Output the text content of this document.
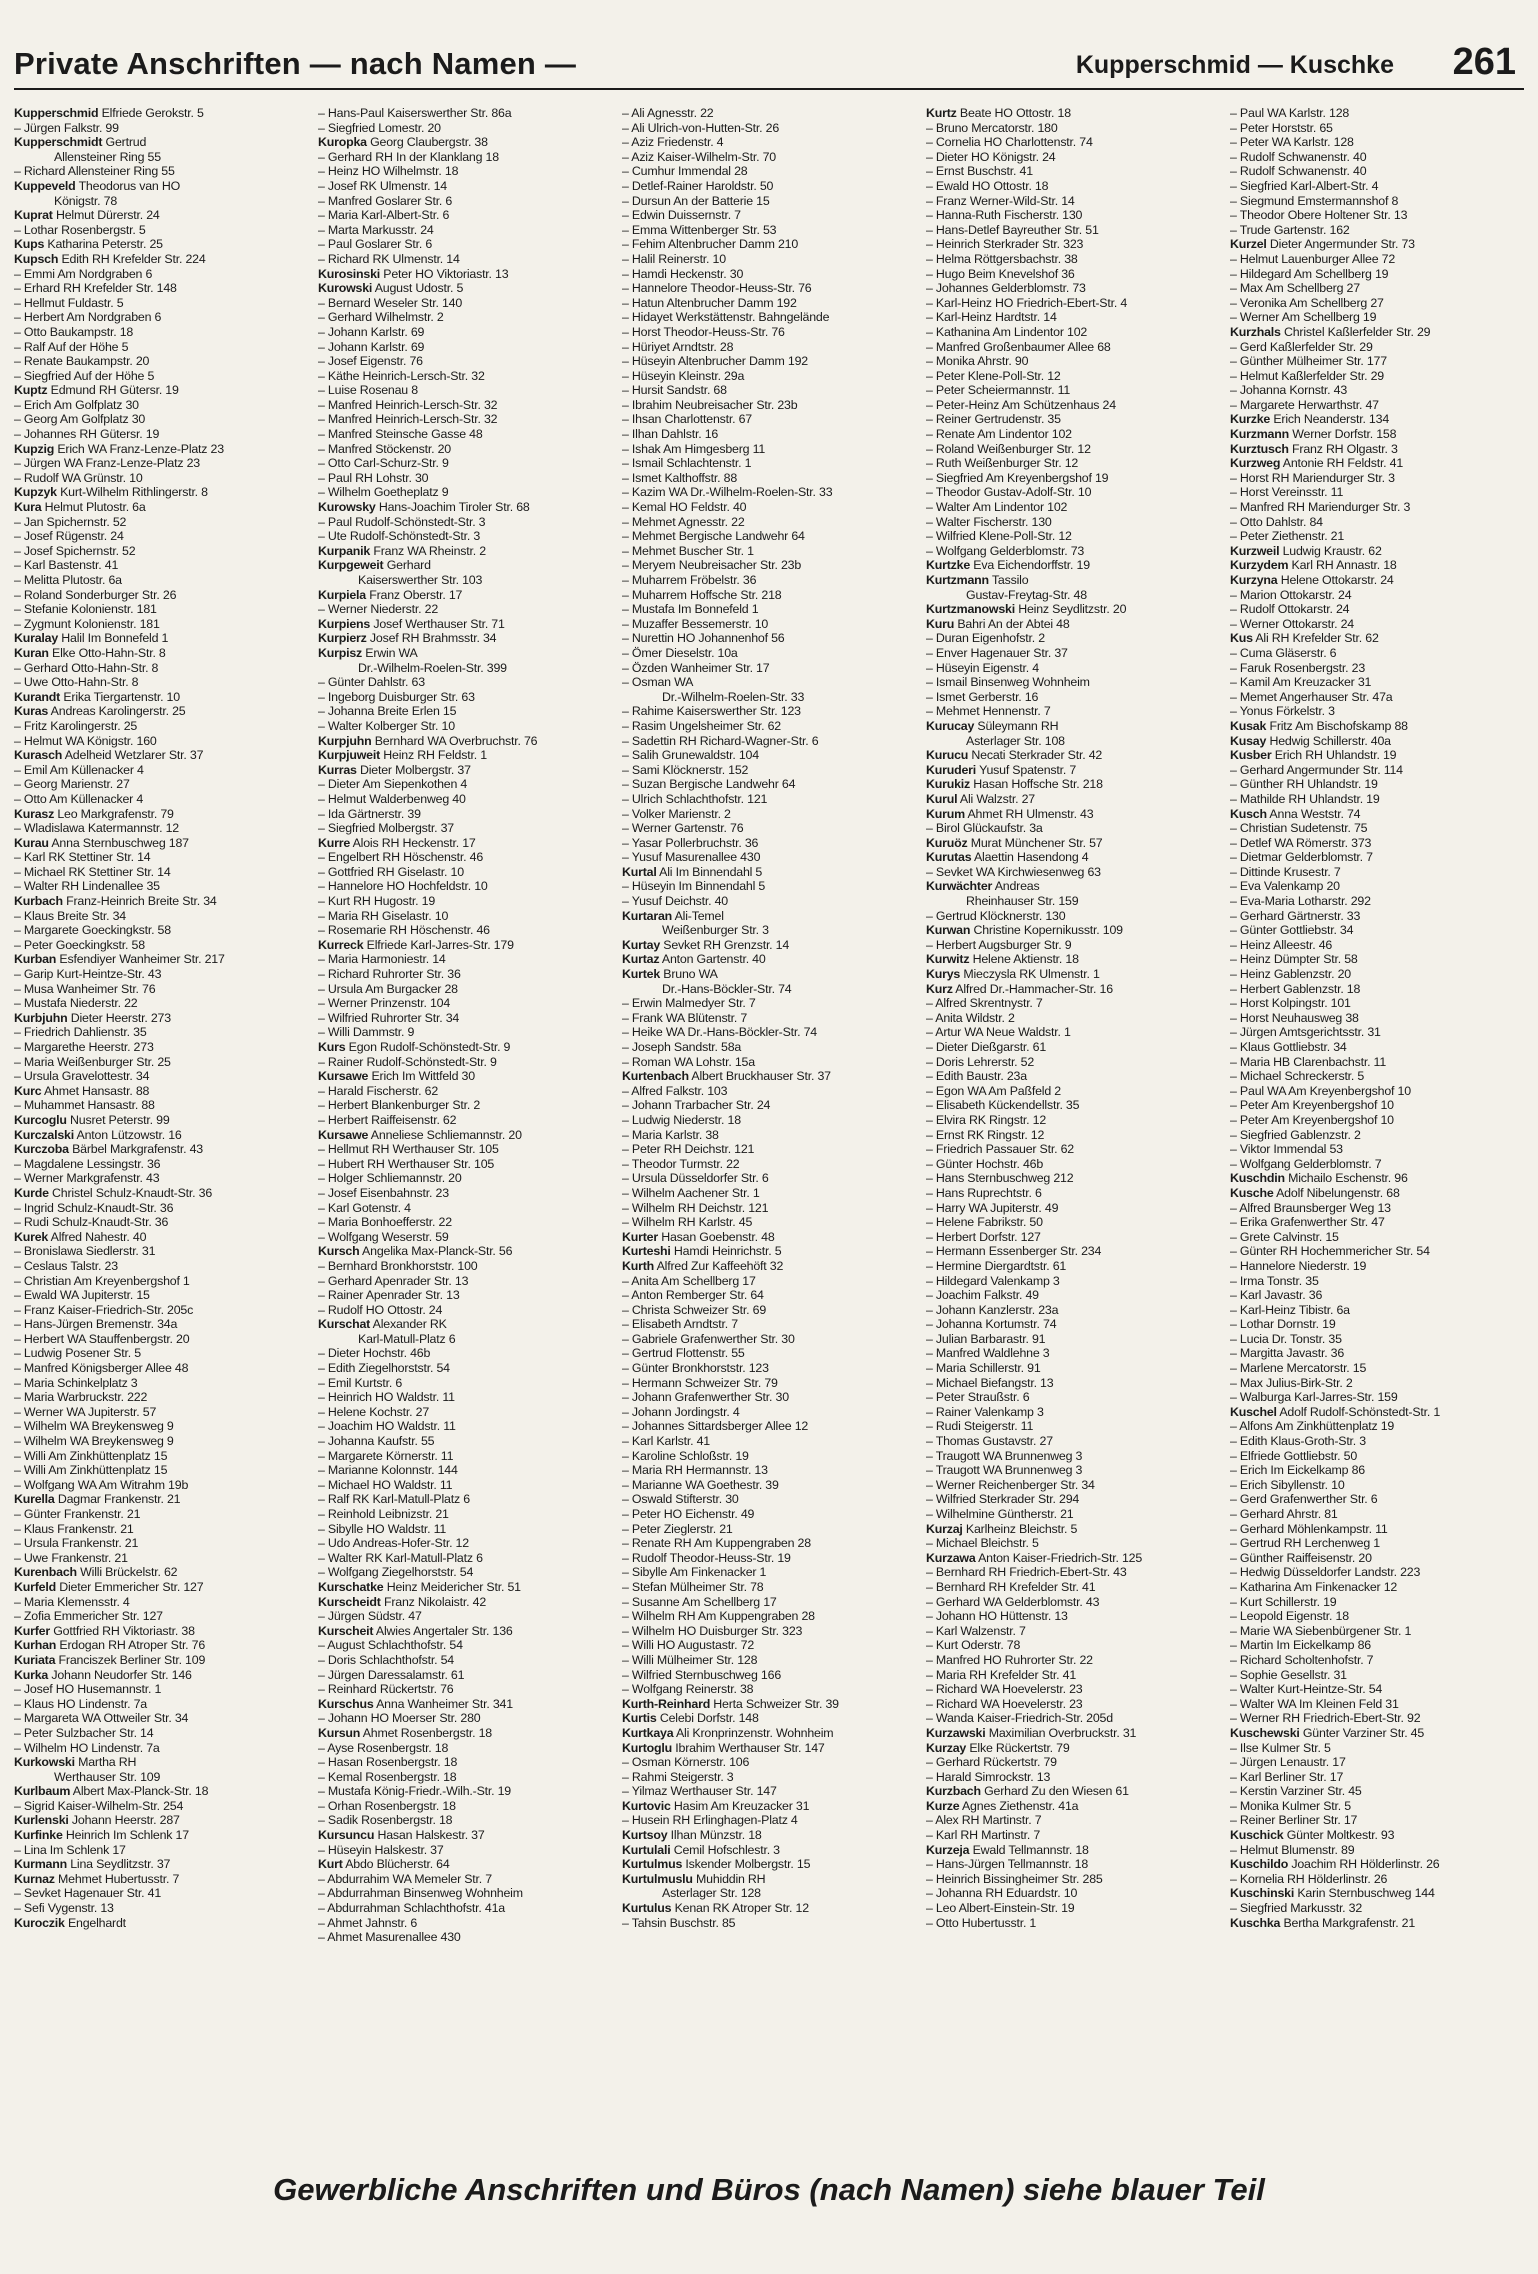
Private Anschriften — nach Namen —	Kupperschmid — Kuschke 261
Kupperschmid Elfriede Gerokstr. 5
– Jürgen Falkstr. 99
Kupperschmidt Gertrud
Allensteiner Ring 55
– Richard Allensteiner Ring 55
Kuppeveld Theodorus van HO
Königstr. 78
Kuprat Helmut Dürerstr. 24
– Lothar Rosenbergstr. 5
Kups Katharina Peterstr. 25
Kupsch Edith RH Krefelder Str. 224
– Emmi Am Nordgraben 6
– Erhard RH Krefelder Str. 148
– Hellmut Fuldastr. 5
– Herbert Am Nordgraben 6
– Otto Baukampstr. 18
– Ralf Auf der Höhe 5
– Renate Baukampstr. 20
– Siegfried Auf der Höhe 5
Kuptz Edmund RH Gütersr. 19
– Erich Am Golfplatz 30
– Georg Am Golfplatz 30
– Johannes RH Gütersr. 19
Kupzig Erich WA Franz-Lenze-Platz 23
– Jürgen WA Franz-Lenze-Platz 23
– Rudolf WA Grünstr. 10
Kupzyk Kurt-Wilhelm Rithlingerstr. 8
Kura Helmut Plutostr. 6a
– Jan Spichernstr. 52
– Josef Rügenstr. 24
– Josef Spichernstr. 52
– Karl Bastenstr. 41
– Melitta Plutostr. 6a
– Roland Sonderburger Str. 26
– Stefanie Kolonienstr. 181
– Zygmunt Kolonienstr. 181
Kuralay Halil Im Bonnefeld 1
Kuran Elke Otto-Hahn-Str. 8
– Gerhard Otto-Hahn-Str. 8
– Uwe Otto-Hahn-Str. 8
Kurandt Erika Tiergartenstr. 10
Kuras Andreas Karolingerstr. 25
– Fritz Karolingerstr. 25
– Helmut WA Königstr. 160
Kurasch Adelheid Wetzlarer Str. 37
– Emil Am Küllenacker 4
– Georg Marienstr. 27
– Otto Am Küllenacker 4
Kurasz Leo Markgrafenstr. 79
– Wladislawa Katermannstr. 12
Kurau Anna Sternbuschweg 187
– Karl RK Stettiner Str. 14
– Michael RK Stettiner Str. 14
– Walter RH Lindenallee 35
Kurbach Franz-Heinrich Breite Str. 34
– Klaus Breite Str. 34
– Margarete Goeckingkstr. 58
– Peter Goeckingkstr. 58
Kurban Esfendiyer Wanheimer Str. 217
– Garip Kurt-Heintze-Str. 43
– Musa Wanheimer Str. 76
– Mustafa Niederstr. 22
Kurbjuhn Dieter Heerstr. 273
– Friedrich Dahlienstr. 35
– Margarethe Heerstr. 273
– Maria Weißenburger Str. 25
– Ursula Gravelottestr. 34
Kurc Ahmet Hansastr. 88
– Muhammet Hansastr. 88
Kurcoglu Nusret Peterstr. 99
Kurczalski Anton Lützowstr. 16
Kurczoba Bärbel Markgrafenstr. 43
– Magdalene Lessingstr. 36
– Werner Markgrafenstr. 43
Kurde Christel Schulz-Knaudt-Str. 36
– Ingrid Schulz-Knaudt-Str. 36
– Rudi Schulz-Knaudt-Str. 36
Kurek Alfred Nahestr. 40
– Bronislawa Siedlerstr. 31
– Ceslaus Talstr. 23
– Christian Am Kreyenbergshof 1
– Ewald WA Jupiterstr. 15
– Franz Kaiser-Friedrich-Str. 205c
– Hans-Jürgen Bremenstr. 34a
– Herbert WA Stauffenbergstr. 20
– Ludwig Posener Str. 5
– Manfred Königsberger Allee 48
– Maria Schinkelplatz 3
– Maria Warbruckstr. 222
– Werner WA Jupiterstr. 57
– Wilhelm WA Breykensweg 9
– Wilhelm WA Breykensweg 9
– Willi Am Zinkhüttenplatz 15
– Willi Am Zinkhüttenplatz 15
– Wolfgang WA Am Witrahm 19b
Kurella Dagmar Frankenstr. 21
– Günter Frankenstr. 21
– Klaus Frankenstr. 21
– Ursula Frankenstr. 21
– Uwe Frankenstr. 21
Kurenbach Willi Brückelstr. 62
Kurfeld Dieter Emmericher Str. 127
– Maria Klemensstr. 4
– Zofia Emmericher Str. 127
Kurfer Gottfried RH Viktoriastr. 38
Kurhan Erdogan RH Atroper Str. 76
Kuriata Franciszek Berliner Str. 109
Kurka Johann Neudorfer Str. 146
– Josef HO Husemannstr. 1
– Klaus HO Lindenstr. 7a
– Margareta WA Ottweiler Str. 34
– Peter Sulzbacher Str. 14
– Wilhelm HO Lindenstr. 7a
Kurkowski Martha RH
Werthauser Str. 109
Kurlbaum Albert Max-Planck-Str. 18
– Sigrid Kaiser-Wilhelm-Str. 254
Kurlenski Johann Heerstr. 287
Kurfinke Heinrich Im Schlenk 17
– Lina Im Schlenk 17
Kurmann Lina Seydlitzstr. 37
Kurnaz Mehmet Hubertusstr. 7
– Sevket Hagenauer Str. 41
– Sefi Vygenstr. 13
Kuroczik Engelhardt
– Hans-Paul Kaiserswerther Str. 86a
– Siegfried Lomestr. 20
Kuropka Georg Claubergstr. 38
– Gerhard RH In der Klanklang 18
– Heinz HO Wilhelmstr. 18
– Josef RK Ulmenstr. 14
– Manfred Goslarer Str. 6
– Maria Karl-Albert-Str. 6
– Marta Markusstr. 24
– Paul Goslarer Str. 6
– Richard RK Ulmenstr. 14
Kurosinski Peter HO Viktoriastr. 13
Kurowski August Udostr. 5
– Bernard Weseler Str. 140
– Gerhard Wilhelmstr. 2
– Johann Karlstr. 69
– Johann Karlstr. 69
– Josef Eigenstr. 76
– Käthe Heinrich-Lersch-Str. 32
– Luise Rosenau 8
– Manfred Heinrich-Lersch-Str. 32
– Manfred Heinrich-Lersch-Str. 32
– Manfred Steinsche Gasse 48
– Manfred Stöckenstr. 20
– Otto Carl-Schurz-Str. 9
– Paul RH Lohstr. 30
– Wilhelm Goetheplatz 9
Kurowsky Hans-Joachim Tiroler Str. 68
– Paul Rudolf-Schönstedt-Str. 3
– Ute Rudolf-Schönstedt-Str. 3
Kurpanik Franz WA Rheinstr. 2
Kurpgeweit Gerhard
Kaiserswerther Str. 103
Kurpiela Franz Oberstr. 17
– Werner Niederstr. 22
Kurpiens Josef Werthauser Str. 71
Kurpierz Josef RH Brahmsstr. 34
Kurpisz Erwin WA
Dr.-Wilhelm-Roelen-Str. 399
– Günter Dahlstr. 63
– Ingeborg Duisburger Str. 63
– Johanna Breite Erlen 15
– Walter Kolberger Str. 10
Kurpjuhn Bernhard WA Overbruchstr. 76
Kurpjuweit Heinz RH Feldstr. 1
Kurras Dieter Molbergstr. 37
– Dieter Am Siepenkothen 4
– Helmut Walderbenweg 40
– Ida Gärtnerstr. 39
– Siegfried Molbergstr. 37
Kurre Alois RH Heckenstr. 17
– Engelbert RH Höschenstr. 46
– Gottfried RH Giselastr. 10
– Hannelore HO Hochfeldstr. 10
– Kurt RH Hugostr. 19
– Maria RH Giselastr. 10
– Rosemarie RH Höschenstr. 46
Kurreck Elfriede Karl-Jarres-Str. 179
– Maria Harmoniestr. 14
– Richard Ruhrorter Str. 36
– Ursula Am Burgacker 28
– Werner Prinzenstr. 104
– Wilfried Ruhrorter Str. 34
– Willi Dammstr. 9
Kurs Egon Rudolf-Schönstedt-Str. 9
– Rainer Rudolf-Schönstedt-Str. 9
Kursawe Erich Im Wittfeld 30
– Harald Fischerstr. 62
– Herbert Blankenburger Str. 2
– Herbert Raiffeisenstr. 62
Kursawe Anneliese Schliemannstr. 20
– Hellmut RH Werthauser Str. 105
– Hubert RH Werthauser Str. 105
– Holger Schliemannstr. 20
– Josef Eisenbahnstr. 23
– Karl Gotenstr. 4
– Maria Bonhoefferstr. 22
– Wolfgang Weserstr. 59
Kursch Angelika Max-Planck-Str. 56
– Bernhard Bronkhorststr. 100
– Gerhard Apenrader Str. 13
– Rainer Apenrader Str. 13
– Rudolf HO Ottostr. 24
Kurschat Alexander RK
Karl-Matull-Platz 6
– Dieter Hochstr. 46b
– Edith Ziegelhorststr. 54
– Emil Kurtstr. 6
– Heinrich HO Waldstr. 11
– Helene Kochstr. 27
– Joachim HO Waldstr. 11
– Johanna Kaufstr. 55
– Margarete Körnerstr. 11
– Marianne Kolonnstr. 144
– Michael HO Waldstr. 11
– Ralf RK Karl-Matull-Platz 6
– Reinhold Leibnizstr. 21
– Sibylle HO Waldstr. 11
– Udo Andreas-Hofer-Str. 12
– Walter RK Karl-Matull-Platz 6
– Wolfgang Ziegelhorststr. 54
Kurschatke Heinz Meidericher Str. 51
Kurscheidt Franz Nikolaistr. 42
– Jürgen Südstr. 47
Kurscheit Alwies Angertaler Str. 136
– August Schlachthofstr. 54
– Doris Schlachthofstr. 54
– Jürgen Daressalamstr. 61
– Reinhard Rückertstr. 76
Kurschus Anna Wanheimer Str. 341
– Johann HO Moerser Str. 280
Kursun Ahmet Rosenbergstr. 18
– Ayse Rosenbergstr. 18
– Hasan Rosenbergstr. 18
– Kemal Rosenbergstr. 18
– Mustafa König-Friedr.-Wilh.-Str. 19
– Orhan Rosenbergstr. 18
– Sadik Rosenbergstr. 18
Kursuncu Hasan Halskestr. 37
– Hüseyin Halskestr. 37
Kurt Abdo Blücherstr. 64
– Abdurrahim WA Memeler Str. 7
– Abdurrahman Binsenweg Wohnheim
– Abdurrahman Schlachthofstr. 41a
– Ahmet Jahnstr. 6
– Ahmet Masurenallee 430
– Ali Agnesstr. 22
– Ali Ulrich-von-Hutten-Str. 26
– Aziz Friedenstr. 4
– Aziz Kaiser-Wilhelm-Str. 70
– Cumhur Immendal 28
– Detlef-Rainer Haroldstr. 50
– Dursun An der Batterie 15
– Edwin Duissernstr. 7
– Emma Wittenberger Str. 53
– Fehim Altenbrucher Damm 210
– Halil Reinerstr. 10
– Hamdi Heckenstr. 30
– Hannelore Theodor-Heuss-Str. 76
– Hatun Altenbrucher Damm 192
– Hidayet Werkstättenstr. Bahngelände
– Horst Theodor-Heuss-Str. 76
– Hüriyet Arndtstr. 28
– Hüseyin Altenbrucher Damm 192
– Hüseyin Kleinstr. 29a
– Hursit Sandstr. 68
– Ibrahim Neubreisacher Str. 23b
– Ihsan Charlottenstr. 67
– Ilhan Dahlstr. 16
– Ishak Am Himgesberg 11
– Ismail Schlachtenstr. 1
– Ismet Kalthoffstr. 88
– Kazim WA Dr.-Wilhelm-Roelen-Str. 33
– Kemal HO Feldstr. 40
– Mehmet Agnesstr. 22
– Mehmet Bergische Landwehr 64
– Mehmet Buscher Str. 1
– Meryem Neubreisacher Str. 23b
– Muharrem Fröbelstr. 36
– Muharrem Hoffsche Str. 218
– Mustafa Im Bonnefeld 1
– Muzaffer Bessemerstr. 10
– Nurettin HO Johannenhof 56
– Ömer Dieselstr. 10a
– Özden Wanheimer Str. 17
– Osman WA
Dr.-Wilhelm-Roelen-Str. 33
– Rahime Kaiserswerther Str. 123
– Rasim Ungelsheimer Str. 62
– Sadettin RH Richard-Wagner-Str. 6
– Salih Grunewaldstr. 104
– Sami Klöcknerstr. 152
– Suzan Bergische Landwehr 64
– Ulrich Schlachthofstr. 121
– Volker Marienstr. 2
– Werner Gartenstr. 76
– Yasar Pollerbruchstr. 36
– Yusuf Masurenallee 430
Kurtal Ali Im Binnendahl 5
– Hüseyin Im Binnendahl 5
– Yusuf Deichstr. 40
Kurtaran Ali-Temel
Weißenburger Str. 3
Kurtay Sevket RH Grenzstr. 14
Kurtaz Anton Gartenstr. 40
Kurtek Bruno WA
Dr.-Hans-Böckler-Str. 74
– Erwin Malmedyer Str. 7
– Frank WA Blütenstr. 7
– Heike WA Dr.-Hans-Böckler-Str. 74
– Joseph Sandstr. 58a
– Roman WA Lohstr. 15a
Kurtenbach Albert Bruckhauser Str. 37
– Alfred Falkstr. 103
– Johann Trarbacher Str. 24
– Ludwig Niederstr. 18
– Maria Karlstr. 38
– Peter RH Deichstr. 121
– Theodor Turmstr. 22
– Ursula Düsseldorfer Str. 6
– Wilhelm Aachener Str. 1
– Wilhelm RH Deichstr. 121
– Wilhelm RH Karlstr. 45
Kurter Hasan Goebenstr. 48
Kurteshi Hamdi Heinrichstr. 5
Kurth Alfred Zur Kaffeehöft 32
– Anita Am Schellberg 17
– Anton Remberger Str. 64
– Christa Schweizer Str. 69
– Elisabeth Arndtstr. 7
– Gabriele Grafenwerther Str. 30
– Gertrud Flottenstr. 55
– Günter Bronkhorststr. 123
– Hermann Schweizer Str. 79
– Johann Grafenwerther Str. 30
– Johann Jordingstr. 4
– Johannes Sittardsberger Allee 12
– Karl Karlstr. 41
– Karoline Schloßstr. 19
– Maria RH Hermannstr. 13
– Marianne WA Goethestr. 39
– Oswald Stifterstr. 30
– Peter HO Eichenstr. 49
– Peter Zieglerstr. 21
– Renate RH Am Kuppengraben 28
– Rudolf Theodor-Heuss-Str. 19
– Sibylle Am Finkenacker 1
– Stefan Mülheimer Str. 78
– Susanne Am Schellberg 17
– Wilhelm RH Am Kuppengraben 28
– Wilhelm HO Duisburger Str. 323
– Willi HO Augustastr. 72
– Willi Mülheimer Str. 128
– Wilfried Sternbuschweg 166
– Wolfgang Reinerstr. 38
Kurth-Reinhard Herta Schweizer Str. 39
Kurtis Celebi Dorfstr. 148
Kurtkaya Ali Kronprinzenstr. Wohnheim
Kurtoglu Ibrahim Werthauser Str. 147
– Osman Körnerstr. 106
– Rahmi Steigerstr. 3
– Yilmaz Werthauser Str. 147
Kurtovic Hasim Am Kreuzacker 31
– Husein RH Erlinghagen-Platz 4
Kurtsoy Ilhan Münzstr. 18
Kurtulali Cemil Hofschlestr. 3
Kurtulmus Iskender Molbergstr. 15
Kurtulmuslu Muhiddin RH
Asterlager Str. 128
Kurtulus Kenan RK Atroper Str. 12
– Tahsin Buschstr. 85
Kurtz Beate HO Ottostr. 18
– Bruno Mercatorstr. 180
– Cornelia HO Charlottenstr. 74
– Dieter HO Königstr. 24
– Ernst Buschstr. 41
– Ewald HO Ottostr. 18
– Franz Werner-Wild-Str. 14
– Hanna-Ruth Fischerstr. 130
– Hans-Detlef Bayreuther Str. 51
– Heinrich Sterkrader Str. 323
– Helma Röttgersbachstr. 38
– Hugo Beim Knevelshof 36
– Johannes Gelderblomstr. 73
– Karl-Heinz HO Friedrich-Ebert-Str. 4
– Karl-Heinz Hardtstr. 14
– Kathanina Am Lindentor 102
– Manfred Großenbaumer Allee 68
– Monika Ahrstr. 90
– Peter Klene-Poll-Str. 12
– Peter Scheiermannstr. 11
– Peter-Heinz Am Schützenhaus 24
– Reiner Gertrudenstr. 35
– Renate Am Lindentor 102
– Roland Weißenburger Str. 12
– Ruth Weißenburger Str. 12
– Siegfried Am Kreyenbergshof 19
– Theodor Gustav-Adolf-Str. 10
– Walter Am Lindentor 102
– Walter Fischerstr. 130
– Wilfried Klene-Poll-Str. 12
– Wolfgang Gelderblomstr. 73
Kurtzke Eva Eichendorffstr. 19
Kurtzmann Tassilo
Gustav-Freytag-Str. 48
Kurtzmanowski Heinz Seydlitzstr. 20
Kuru Bahri An der Abtei 48
– Duran Eigenhofstr. 2
– Enver Hagenauer Str. 37
– Hüseyin Eigenstr. 4
– Ismail Binsenweg Wohnheim
– Ismet Gerberstr. 16
– Mehmet Hennenstr. 7
Kurucay Süleymann RH
Asterlager Str. 108
Kurucu Necati Sterkrader Str. 42
Kuruderi Yusuf Spatenstr. 7
Kurukiz Hasan Hoffsche Str. 218
Kurul Ali Walzstr. 27
Kurum Ahmet RH Ulmenstr. 43
– Birol Glückaufstr. 3a
Kuruöz Murat Münchener Str. 57
Kurutas Alaettin Hasendong 4
– Sevket WA Kirchwiesenweg 63
Kurwächter Andreas
Rheinhauser Str. 159
– Gertrud Klöcknerstr. 130
Kurwan Christine Kopernikusstr. 109
– Herbert Augsburger Str. 9
Kurwitz Helene Aktienstr. 18
Kurys Mieczysla RK Ulmenstr. 1
Kurz Alfred Dr.-Hammacher-Str. 16
– Alfred Skrentnystr. 7
– Anita Wildstr. 2
– Artur WA Neue Waldstr. 1
– Dieter Dießgarstr. 61
– Doris Lehrerstr. 52
– Edith Baustr. 23a
– Egon WA Am Paßfeld 2
– Elisabeth Kückendellstr. 35
– Elvira RK Ringstr. 12
– Ernst RK Ringstr. 12
– Friedrich Passauer Str. 62
– Günter Hochstr. 46b
– Hans Sternbuschweg 212
– Hans Ruprechtstr. 6
– Harry WA Jupiterstr. 49
– Helene Fabrikstr. 50
– Herbert Dorfstr. 127
– Hermann Essenberger Str. 234
– Hermine Diergardtstr. 61
– Hildegard Valenkamp 3
– Joachim Falkstr. 49
– Johann Kanzlerstr. 23a
– Johanna Kortumstr. 74
– Julian Barbarastr. 91
– Manfred Waldlehne 3
– Maria Schillerstr. 91
– Michael Biefangstr. 13
– Peter Straußstr. 6
– Rainer Valenkamp 3
– Rudi Steigerstr. 11
– Thomas Gustavstr. 27
– Traugott WA Brunnenweg 3
– Traugott WA Brunnenweg 3
– Werner Reichenberger Str. 34
– Wilfried Sterkrader Str. 294
– Wilhelmine Güntherstr. 21
Kurzaj Karlheinz Bleichstr. 5
– Michael Bleichstr. 5
Kurzawa Anton Kaiser-Friedrich-Str. 125
– Bernhard RH Friedrich-Ebert-Str. 43
– Bernhard RH Krefelder Str. 41
– Gerhard WA Gelderblomstr. 43
– Johann HO Hüttenstr. 13
– Karl Walzenstr. 7
– Kurt Oderstr. 78
– Manfred HO Ruhrorter Str. 22
– Maria RH Krefelder Str. 41
– Richard WA Hoevelerstr. 23
– Richard WA Hoevelerstr. 23
– Wanda Kaiser-Friedrich-Str. 205d
Kurzawski Maximilian Overbruckstr. 31
Kurzay Elke Rückertstr. 79
– Gerhard Rückertstr. 79
– Harald Simrockstr. 13
Kurzbach Gerhard Zu den Wiesen 61
Kurze Agnes Ziethenstr. 41a
– Alex RH Martinstr. 7
– Karl RH Martinstr. 7
Kurzeja Ewald Tellmannstr. 18
– Hans-Jürgen Tellmannstr. 18
– Heinrich Bissingheimer Str. 285
– Johanna RH Eduardstr. 10
– Leo Albert-Einstein-Str. 19
– Otto Hubertusstr. 1
– Paul WA Karlstr. 128
– Peter Horststr. 65
– Peter WA Karlstr. 128
– Rudolf Schwanenstr. 40
– Rudolf Schwanenstr. 40
– Siegfried Karl-Albert-Str. 4
– Siegmund Emstermannshof 8
– Theodor Obere Holtener Str. 13
– Trude Gartenstr. 162
Kurzel Dieter Angermunder Str. 73
– Helmut Lauenburger Allee 72
– Hildegard Am Schellberg 19
– Max Am Schellberg 27
– Veronika Am Schellberg 27
– Werner Am Schellberg 19
Kurzhals Christel Kaßlerfelder Str. 29
– Gerd Kaßlerfelder Str. 29
– Günther Mülheimer Str. 177
– Helmut Kaßlerfelder Str. 29
– Johanna Kornstr. 43
– Margarete Herwarthstr. 47
Kurzke Erich Neanderstr. 134
Kurzmann Werner Dorfstr. 158
Kurztusch Franz RH Olgastr. 3
Kurzweg Antonie RH Feldstr. 41
– Horst RH Mariendurger Str. 3
– Horst Vereinsstr. 11
– Manfred RH Mariendurger Str. 3
– Otto Dahlstr. 84
– Peter Ziethenstr. 21
Kurzweil Ludwig Kraustr. 62
Kurzydem Karl RH Annastr. 18
Kurzyna Helene Ottokarstr. 24
– Marion Ottokarstr. 24
– Rudolf Ottokarstr. 24
– Werner Ottokarstr. 24
Kus Ali RH Krefelder Str. 62
– Cuma Gläserstr. 6
– Faruk Rosenbergstr. 23
– Kamil Am Kreuzacker 31
– Memet Angerhauser Str. 47a
– Yonus Förkelstr. 3
Kusak Fritz Am Bischofskamp 88
Kusay Hedwig Schillerstr. 40a
Kusber Erich RH Uhlandstr. 19
– Gerhard Angermunder Str. 114
– Günther RH Uhlandstr. 19
– Mathilde RH Uhlandstr. 19
Kusch Anna Weststr. 74
– Christian Sudetenstr. 75
– Detlef WA Römerstr. 373
– Dietmar Gelderblomstr. 7
– Dittinde Krusestr. 7
– Eva Valenkamp 20
– Eva-Maria Lotharstr. 292
– Gerhard Gärtnerstr. 33
– Günter Gottliebstr. 34
– Heinz Alleestr. 46
– Heinz Dümpter Str. 58
– Heinz Gablenzstr. 20
– Herbert Gablenzstr. 18
– Horst Kolpingstr. 101
– Horst Neuhausweg 38
– Jürgen Amtsgerichtsstr. 31
– Klaus Gottliebstr. 34
– Maria HB Clarenbachstr. 11
– Michael Schreckerstr. 5
– Paul WA Am Kreyenbergshof 10
– Peter Am Kreyenbergshof 10
– Peter Am Kreyenbergshof 10
– Siegfried Gablenzstr. 2
– Viktor Immendal 53
– Wolfgang Gelderblomstr. 7
Kuschdin Michailo Eschenstr. 96
Kusche Adolf Nibelungenstr. 68
– Alfred Braunsberger Weg 13
– Erika Grafenwerther Str. 47
– Grete Calvinstr. 15
– Günter RH Hochemmericher Str. 54
– Hannelore Niederstr. 19
– Irma Tonstr. 35
– Karl Javastr. 36
– Karl-Heinz Tibistr. 6a
– Lothar Dornstr. 19
– Lucia Dr. Tonstr. 35
– Margitta Javastr. 36
– Marlene Mercatorstr. 15
– Max Julius-Birk-Str. 2
– Walburga Karl-Jarres-Str. 159
Kuschel Adolf Rudolf-Schönstedt-Str. 1
– Alfons Am Zinkhüttenplatz 19
– Edith Klaus-Groth-Str. 3
– Elfriede Gottliebstr. 50
– Erich Im Eickelkamp 86
– Erich Sibyllenstr. 10
– Gerd Grafenwerther Str. 6
– Gerhard Ahrstr. 81
– Gerhard Möhlenkampstr. 11
– Gertrud RH Lerchenweg 1
– Günther Raiffeisenstr. 20
– Hedwig Düsseldorfer Landstr. 223
– Katharina Am Finkenacker 12
– Kurt Schillerstr. 19
– Leopold Eigenstr. 18
– Marie WA Siebenbürgener Str. 1
– Martin Im Eickelkamp 86
– Richard Scholtenhofstr. 7
– Sophie Gesellstr. 31
– Walter Kurt-Heintze-Str. 54
– Walter WA Im Kleinen Feld 31
– Werner RH Friedrich-Ebert-Str. 92
Kuschewski Günter Varziner Str. 45
– Ilse Kulmer Str. 5
– Jürgen Lenaustr. 17
– Karl Berliner Str. 17
– Kerstin Varziner Str. 45
– Monika Kulmer Str. 5
– Reiner Berliner Str. 17
Kuschick Günter Moltkestr. 93
– Helmut Blumenstr. 89
Kuschildo Joachim RH Hölderlinstr. 26
– Kornelia RH Hölderlinstr. 26
Kuschinski Karin Sternbuschweg 144
– Siegfried Markusstr. 32
Kuschka Bertha Markgrafenstr. 21
Gewerbliche Anschriften und Büros (nach Namen) siehe blauer Teil
